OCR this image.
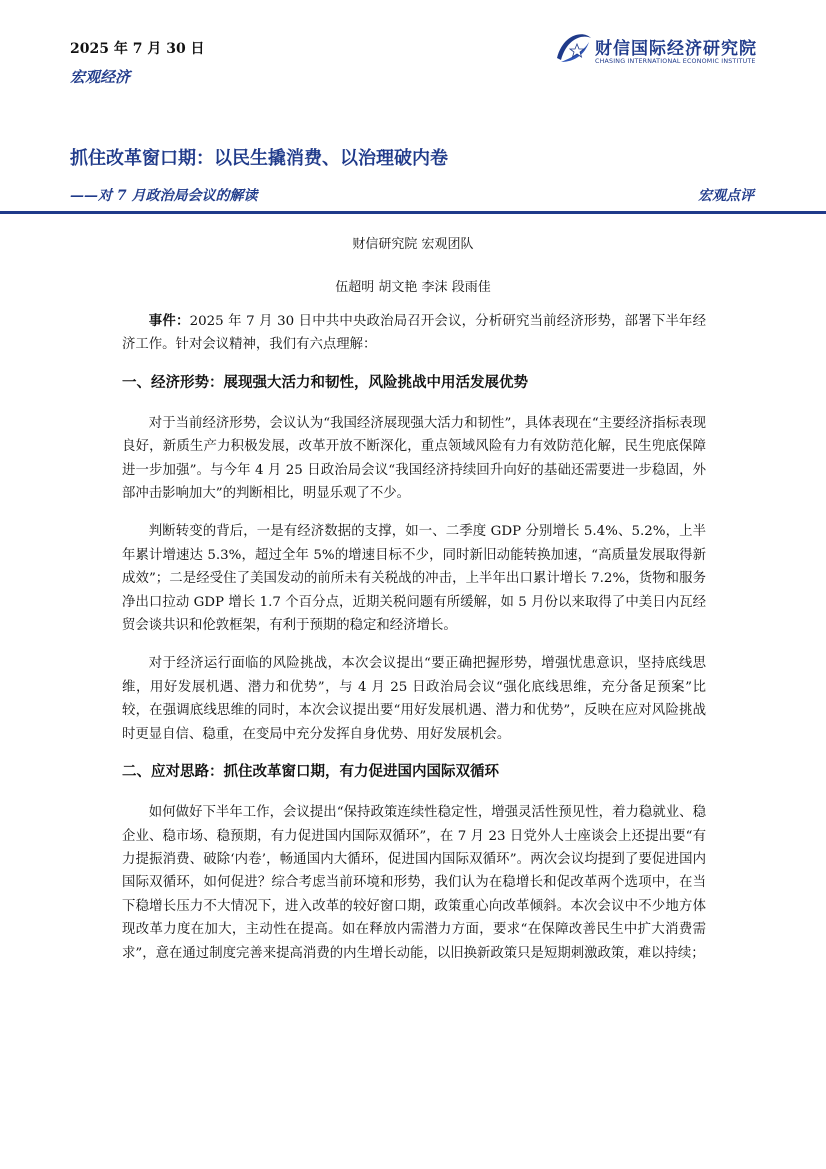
2025 年 7 月 30 日
宏观经济
财信国际经济研究院
CHASING INTERNATIONAL ECONOMIC INSTITUTE
抓住改革窗口期：以民生撬消费、以治理破内卷
——对 7 月政治局会议的解读	宏观点评
财信研究院 宏观团队
伍超明 胡文艳 李沫 段雨佳

事件：2025 年 7 月 30 日中共中央政治局召开会议，分析研究当前经济形势，部署下半年经济工作。针对会议精神，我们有六点理解：

一、经济形势：展现强大活力和韧性，风险挑战中用活发展优势

对于当前经济形势，会议认为“我国经济展现强大活力和韧性”，具体表现在“主要经济指标表现良好，新质生产力积极发展，改革开放不断深化，重点领域风险有力有效防范化解，民生兜底保障进一步加强”。与今年 4 月 25 日政治局会议“我国经济持续回升向好的基础还需要进一步稳固，外部冲击影响加大”的判断相比，明显乐观了不少。

判断转变的背后，一是有经济数据的支撑，如一、二季度 GDP 分别增长 5.4%、5.2%，上半年累计增速达 5.3%，超过全年 5%的增速目标不少，同时新旧动能转换加速，“高质量发展取得新成效”；二是经受住了美国发动的前所未有关税战的冲击，上半年出口累计增长 7.2%，货物和服务净出口拉动 GDP 增长 1.7 个百分点，近期关税问题有所缓解，如 5 月份以来取得了中美日内瓦经贸会谈共识和伦敦框架，有利于预期的稳定和经济增长。

对于经济运行面临的风险挑战，本次会议提出“要正确把握形势，增强忧患意识，坚持底线思维，用好发展机遇、潜力和优势”，与 4 月 25 日政治局会议“强化底线思维，充分备足预案”比较，在强调底线思维的同时，本次会议提出要“用好发展机遇、潜力和优势”，反映在应对风险挑战时更显自信、稳重，在变局中充分发挥自身优势、用好发展机会。

二、应对思路：抓住改革窗口期，有力促进国内国际双循环

如何做好下半年工作，会议提出“保持政策连续性稳定性，增强灵活性预见性，着力稳就业、稳企业、稳市场、稳预期，有力促进国内国际双循环”，在 7 月 23 日党外人士座谈会上还提出要“有力提振消费、破除‘内卷’，畅通国内大循环，促进国内国际双循环”。两次会议均提到了要促进国内国际双循环，如何促进？综合考虑当前环境和形势，我们认为在稳增长和促改革两个选项中，在当下稳增长压力不大情况下，进入改革的较好窗口期，政策重心向改革倾斜。本次会议中不少地方体现改革力度在加大，主动性在提高。如在释放内需潜力方面，要求“在保障改善民生中扩大消费需求”，意在通过制度完善来提高消费的内生增长动能，以旧换新政策只是短期刺激政策，难以持续；
